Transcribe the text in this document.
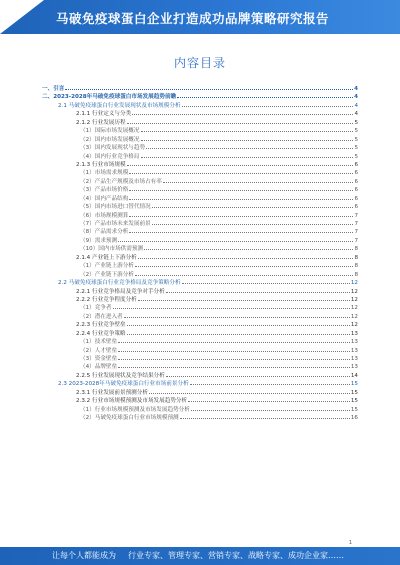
马破免疫球蛋白企业打造成功品牌策略研究报告
内容目录
一、引言	4
二、2023-2028年马破免疫球蛋白市场发展趋势前瞻	4
2.1 马破免疫球蛋白行业发展现状及市场规模分析	4
2.1.1 行业定义与分类	4
2.1.2 行业发展历程	5
（1）国际市场发展概况	5
（2）国内市场发展概况	5
（3）国内发展现状与趋势	5
（4）国内行业竞争格局	5
2.1.3 行业市场规模	6
（1）市场需求规模	6
（2）产品生产规模及市场占有率	6
（3）产品市场价格	6
（4）国内产品结构	6
（5）国内市场进口替代情况	6
（6）市场规模测算	7
（7）产品市场未来发展前景	7
（8）产品需求分析	7
（9）需求预测	7
（10）国内市场供需预测	8
2.1.4 产业链上下游分析	8
（1）产业链上游分析	8
（2）产业链下游分析	8
2.2 马破免疫球蛋白行业竞争格局及竞争策略分析	12
2.2.1 行业竞争格局及竞争对手分析	12
2.2.2 行业竞争程度分析	12
（1）竞争者	12
（2）潜在进入者	12
2.2.3 行业竞争壁垒	12
2.2.4 行业竞争策略	13
（1）技术壁垒	13
（2）人才壁垒	13
（3）资金壁垒	13
（4）品牌壁垒	13
2.2.5 行业发展现状及竞争结果分析	14
2.3 2023-2028年马破免疫球蛋白行业市场前景分析	15
2.3.1 行业发展前景预测分析	15
2.3.2 行业市场规模预测及市场发展趋势分析	15
（1）行业市场规模预测及市场发展趋势分析	15
（2）马破免疫球蛋白行业市场规模预测	16
1
让每个人都能成为 行业专家、管理专家、营销专家、战略专家、成功企业家……
